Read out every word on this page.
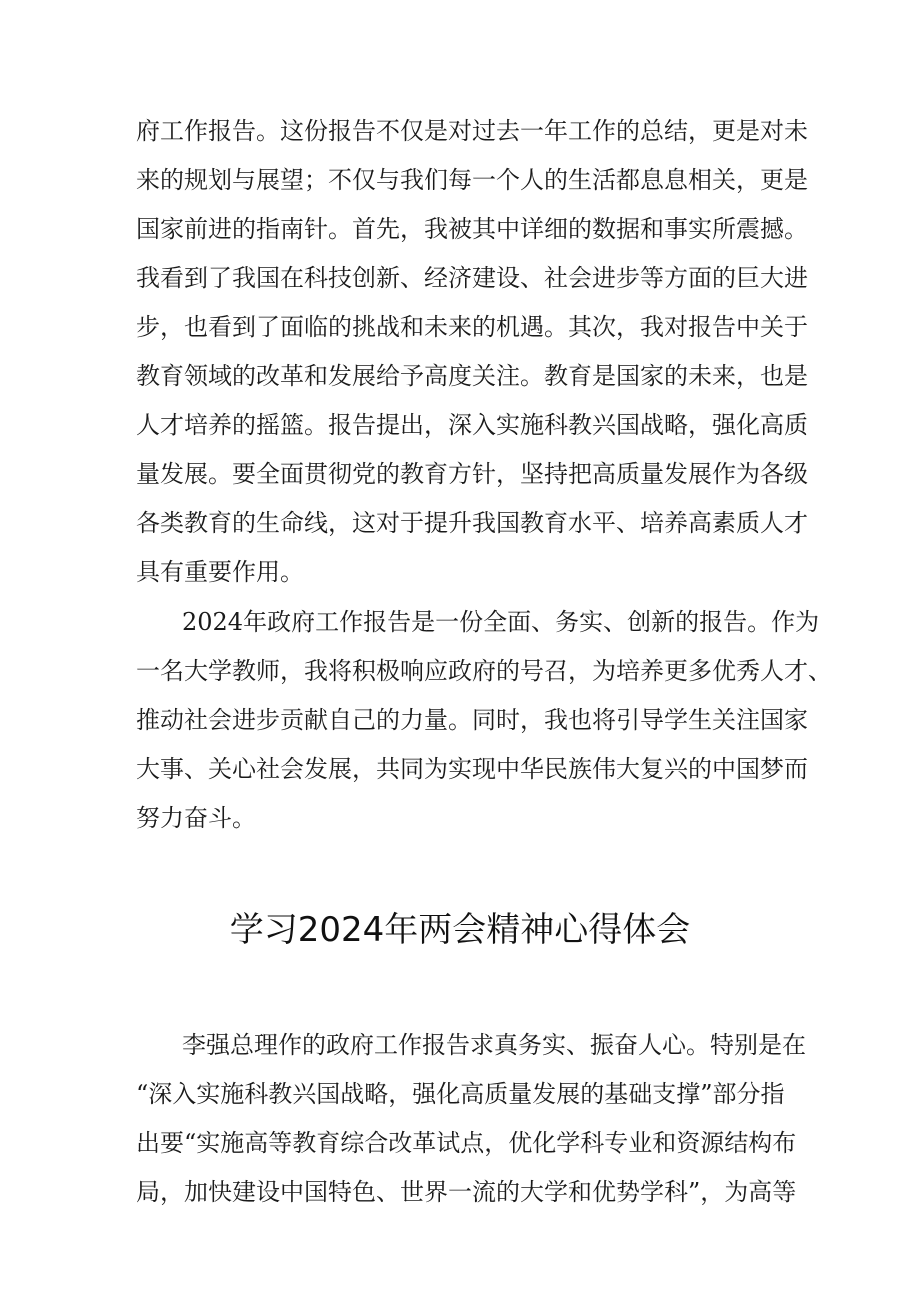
府工作报告。这份报告不仅是对过去一年工作的总结，更是对未
来的规划与展望；不仅与我们每一个人的生活都息息相关，更是
国家前进的指南针。首先，我被其中详细的数据和事实所震撼。
我看到了我国在科技创新、经济建设、社会进步等方面的巨大进
步，也看到了面临的挑战和未来的机遇。其次，我对报告中关于
教育领域的改革和发展给予高度关注。教育是国家的未来，也是
人才培养的摇篮。报告提出，深入实施科教兴国战略，强化高质
量发展。要全面贯彻党的教育方针，坚持把高质量发展作为各级
各类教育的生命线，这对于提升我国教育水平、培养高素质人才
具有重要作用。
2024年政府工作报告是一份全面、务实、创新的报告。作为
一名大学教师，我将积极响应政府的号召，为培养更多优秀人才、
推动社会进步贡献自己的力量。同时，我也将引导学生关注国家
大事、关心社会发展，共同为实现中华民族伟大复兴的中国梦而
努力奋斗。
学习2024年两会精神心得体会
李强总理作的政府工作报告求真务实、振奋人心。特别是在
“深入实施科教兴国战略，强化高质量发展的基础支撑”部分指
出要“实施高等教育综合改革试点，优化学科专业和资源结构布
局，加快建设中国特色、世界一流的大学和优势学科”，为高等
